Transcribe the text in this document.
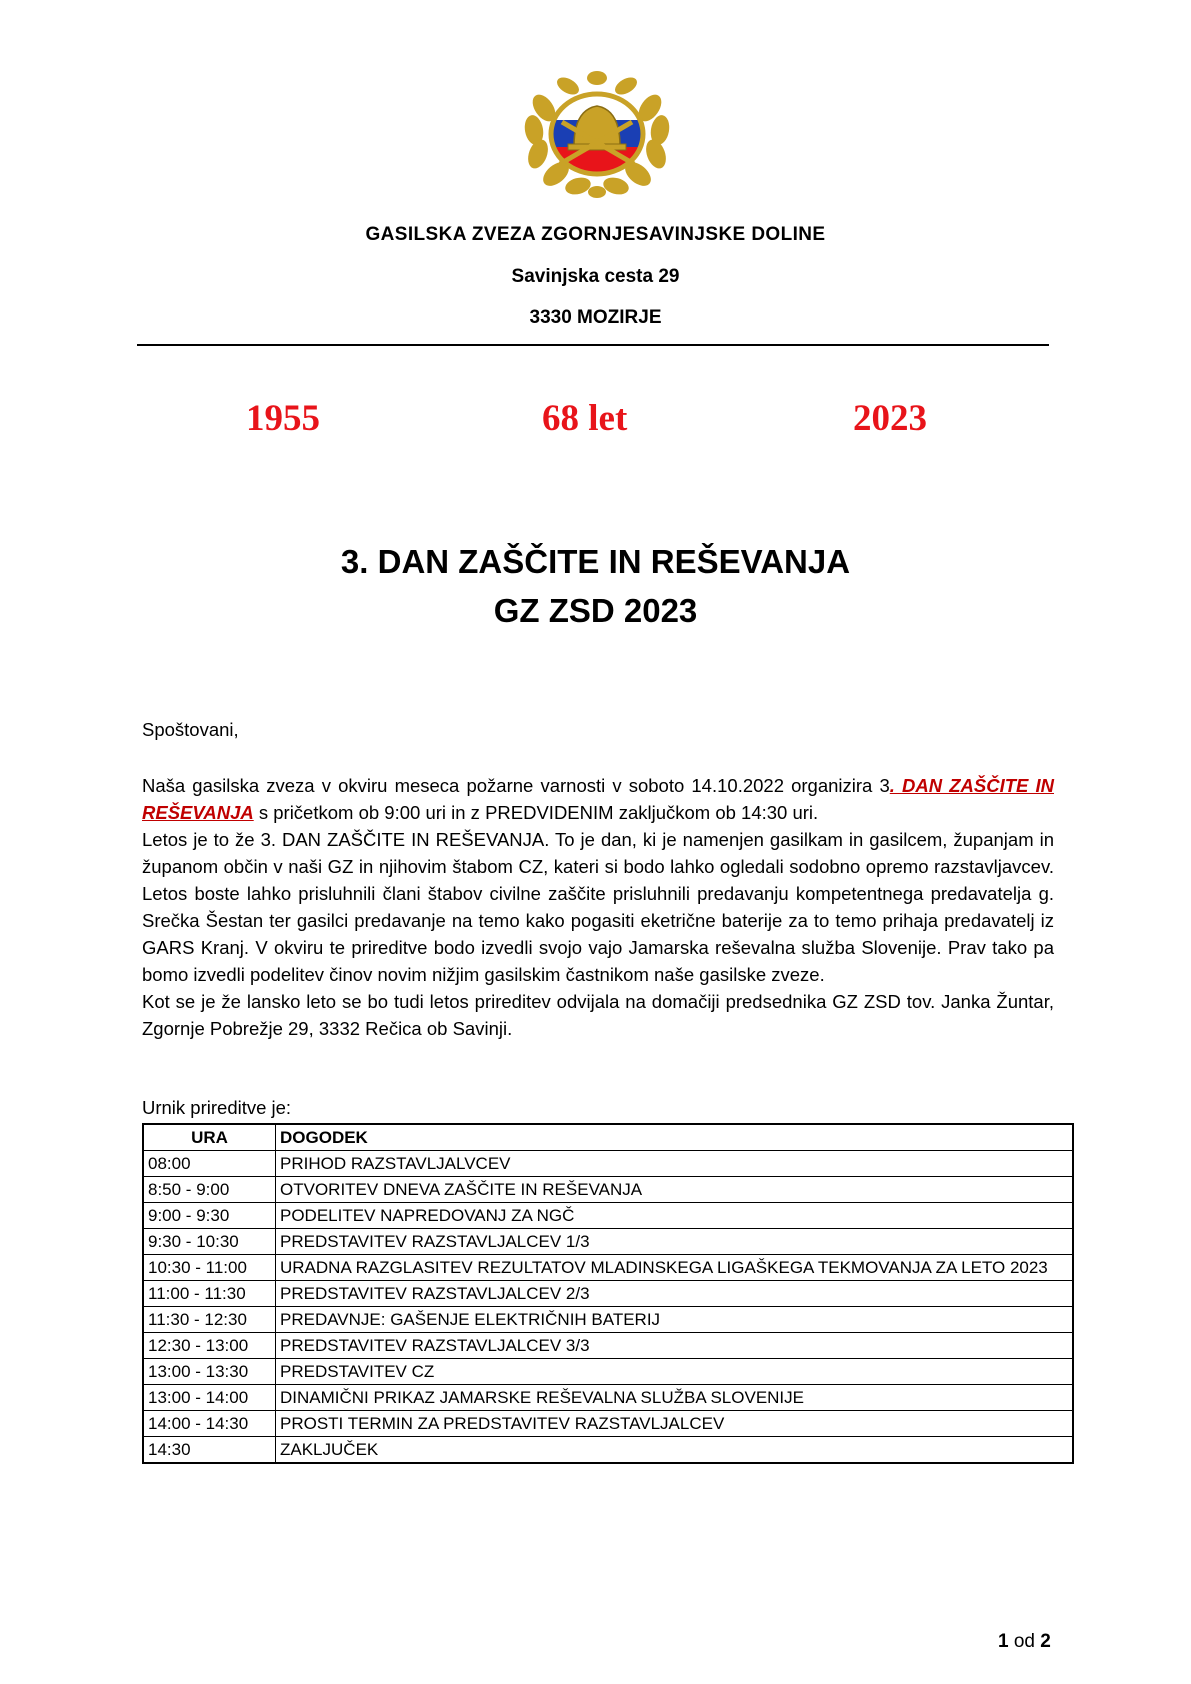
GASILSKA ZVEZA ZGORNJESAVINJSKE DOLINE
Savinjska cesta 29
3330 MOZIRJE
1955	68 let	2023
3. DAN ZAŠČITE IN REŠEVANJA
GZ ZSD 2023
Spoštovani,

Naša gasilska zveza v okviru meseca požarne varnosti v soboto 14.10.2022 organizira 3. DAN ZAŠČITE IN REŠEVANJA s pričetkom ob 9:00 uri in z PREDVIDENIM zaključkom ob 14:30 uri.

Letos je to že 3. DAN ZAŠČITE IN REŠEVANJA. To je dan, ki je namenjen gasilkam in gasilcem, županjam in županom občin v naši GZ in njihovim štabom CZ, kateri si bodo lahko ogledali sodobno opremo razstavljavcev. Letos boste lahko prisluhnili člani štabov civilne zaščite prisluhnili predavanju kompetentnega predavatelja g. Srečka Šestan ter gasilci predavanje na temo kako pogasiti eketrične baterije za to temo prihaja predavatelj iz GARS Kranj. V okviru te prireditve bodo izvedli svojo vajo Jamarska reševalna služba Slovenije. Prav tako pa bomo izvedli podelitev činov novim nižjim gasilskim častnikom naše gasilske zveze.

Kot se je že lansko leto se bo tudi letos prireditev odvijala na domačiji predsednika GZ ZSD tov. Janka Žuntar, Zgornje Pobrežje 29, 3332 Rečica ob Savinji.

Urnik prireditve je:
URA	DOGODEK
08:00	PRIHOD RAZSTAVLJALVCEV
8:50 - 9:00	OTVORITEV DNEVA ZAŠČITE IN REŠEVANJA
9:00 - 9:30	PODELITEV NAPREDOVANJ ZA NGČ
9:30 - 10:30	PREDSTAVITEV RAZSTAVLJALCEV 1/3
10:30 - 11:00	URADNA RAZGLASITEV REZULTATOV MLADINSKEGA LIGAŠKEGA TEKMOVANJA ZA LETO 2023
11:00 - 11:30	PREDSTAVITEV RAZSTAVLJALCEV 2/3
11:30 - 12:30	PREDAVNJE: GAŠENJE ELEKTRIČNIH BATERIJ
12:30 - 13:00	PREDSTAVITEV RAZSTAVLJALCEV 3/3
13:00 - 13:30	PREDSTAVITEV CZ
13:00 - 14:00	DINAMIČNI PRIKAZ JAMARSKE REŠEVALNA SLUŽBA SLOVENIJE
14:00 - 14:30	PROSTI TERMIN ZA PREDSTAVITEV RAZSTAVLJALCEV
14:30	ZAKLJUČEK
1 od 2
